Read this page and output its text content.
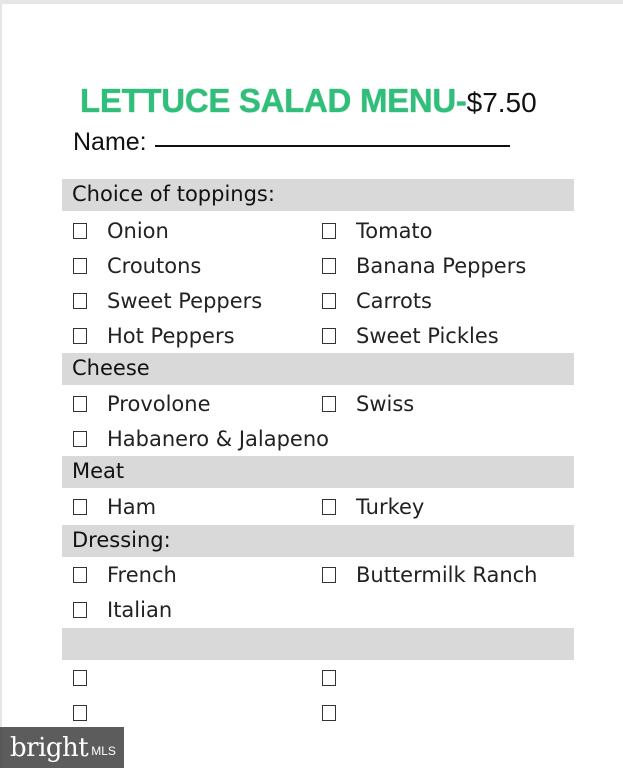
LETTUCE SALAD MENU- $7.50
Name:
Choice of toppings:
Onion	Tomato
Croutons	Banana Peppers
Sweet Peppers	Carrots
Hot Peppers	Sweet Pickles
Cheese
Provolone	Swiss
Habanero & Jalapeno
Meat
Ham	Turkey
Dressing:
French	Buttermilk Ranch
Italian
bright MLS
